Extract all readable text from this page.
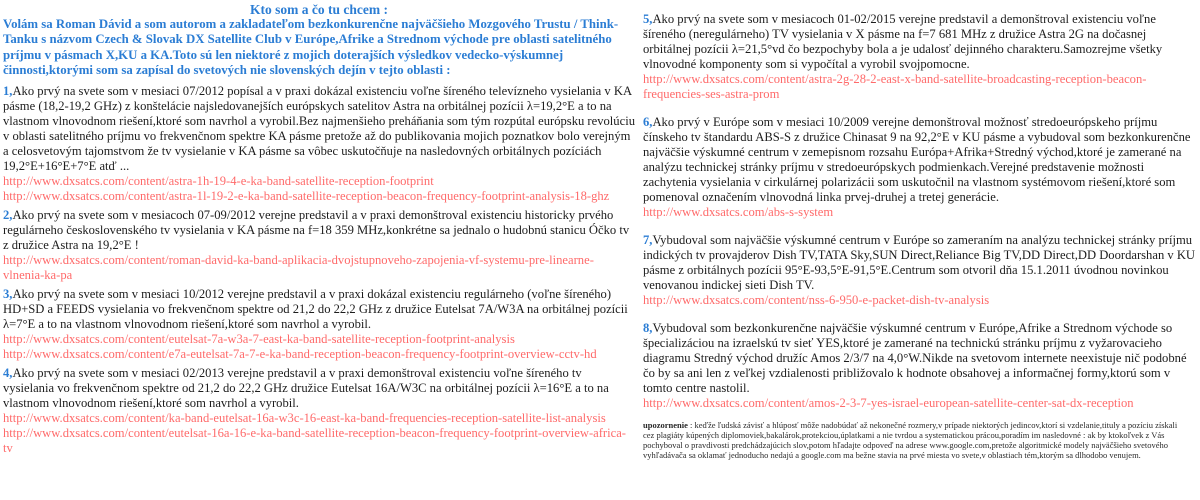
Kto som a čo tu chcem :
Volám sa Roman Dávid a som autorom a zakladateľom bezkonkurenčne najväčšieho Mozgového Trustu / Think-Tanku s názvom Czech & Slovak DX Satellite Club v Európe,Afrike a Strednom východe pre oblasti satelitného príjmu v pásmach X,KU a KA.Toto sú len niektoré z mojich doterajších výsledkov vedecko-výskumnej činnosti,ktorými som sa zapísal do svetových nie slovenských dejín v tejto oblasti :
1,Ako prvý na svete som v mesiaci 07/2012 popísal a v praxi dokázal existenciu voľne šíreného televízneho vysielania v KA pásme (18,2-19,2 GHz) z konštelácie najsledovanejších európskych satelitov Astra na orbitálnej pozícii λ=19,2°E a to na vlastnom vlnovodnom riešení,ktoré som navrhol a vyrobil.Bez najmenšieho preháňania som tým rozpútal európsku revolúciu v oblasti satelitného príjmu vo frekvenčnom spektre KA pásme pretože až do publikovania mojich poznatkov bolo verejným a celosvetovým tajomstvom že tv vysielanie v KA pásme sa vôbec uskutočňuje na nasledovných orbitálnych pozíciách 19,2°E+16°E+7°E atď ...
http://www.dxsatcs.com/content/astra-1h-19-4-e-ka-band-satellite-reception-footprint
http://www.dxsatcs.com/content/astra-1l-19-2-e-ka-band-satellite-reception-beacon-frequency-footprint-analysis-18-ghz
2,Ako prvý na svete som v mesiacoch 07-09/2012 verejne predstavil a v praxi demonštroval existenciu historicky prvého regulárneho československého tv vysielania v KA pásme na f=18 359 MHz,konkrétne sa jednalo o hudobnú stanicu Óčko tv z družice Astra na 19,2°E !
http://www.dxsatcs.com/content/roman-david-ka-band-aplikacia-dvojstupnoveho-zapojenia-vf-systemu-pre-linearne-vlnenia-ka-pa
3,Ako prvý na svete som v mesiaci 10/2012 verejne predstavil a v praxi dokázal existenciu regulárneho (voľne šíreného) HD+SD a FEEDS vysielania vo frekvenčnom spektre od 21,2 do 22,2 GHz z družice Eutelsat 7A/W3A na orbitálnej pozícii λ=7°E a to na vlastnom vlnovodnom riešení,ktoré som navrhol a vyrobil.
http://www.dxsatcs.com/content/eutelsat-7a-w3a-7-east-ka-band-satellite-reception-footprint-analysis
http://www.dxsatcs.com/content/e7a-eutelsat-7a-7-e-ka-band-reception-beacon-frequency-footprint-overview-cctv-hd
4,Ako prvý na svete som v mesiaci 02/2013 verejne predstavil a v praxi demonštroval existenciu voľne šíreného tv vysielania vo frekvenčnom spektre od 21,2 do 22,2 GHz družice Eutelsat 16A/W3C na orbitálnej pozícii λ=16°E a to na vlastnom vlnovodnom riešení,ktoré som navrhol a vyrobil.
http://www.dxsatcs.com/content/ka-band-eutelsat-16a-w3c-16-east-ka-band-frequencies-reception-satellite-list-analysis
http://www.dxsatcs.com/content/eutelsat-16a-16-e-ka-band-satellite-reception-beacon-frequency-footprint-overview-africa-tv
5,Ako prvý na svete som v mesiacoch 01-02/2015 verejne predstavil a demonštroval existenciu voľne šíreného (neregulárneho) TV vysielania v X pásme na f=7 681 MHz z družice Astra 2G na dočasnej orbitálnej pozícii λ=21,5°vd čo bezpochyby bola a je udalosť dejinného charakteru.Samozrejme všetky vlnovodné komponenty som si vypočítal a vyrobil svojpomocne.
http://www.dxsatcs.com/content/astra-2g-28-2-east-x-band-satellite-broadcasting-reception-beacon-frequencies-ses-astra-prom
6,Ako prvý v Európe som v mesiaci 10/2009 verejne demonštroval možnosť stredoeurópskeho príjmu čínskeho tv štandardu ABS-S z družice Chinasat 9 na 92,2°E v KU pásme a vybudoval som bezkonkurenčne najväčšie výskumné centrum v zemepisnom rozsahu Európa+Afrika+Stredný východ,ktoré je zamerané na analýzu technickej stránky príjmu v stredoeurópskych podmienkach.Verejné predstavenie možnosti zachytenia vysielania v cirkulárnej polarizácii som uskutočnil na vlastnom systémovom riešení,ktoré som pomenoval označením vlnovodná linka prvej-druhej a tretej generácie.
http://www.dxsatcs.com/abs-s-system
7,Vybudoval som najväčšie výskumné centrum v Európe so zameraním na analýzu technickej stránky príjmu indických tv provajderov Dish TV,TATA Sky,SUN Direct,Reliance Big TV,DD Direct,DD Doordarshan v KU pásme z orbitálnych pozícii 95°E-93,5°E-91,5°E.Centrum som otvoril dňa 15.1.2011 úvodnou novinkou venovanou indickej sieti Dish TV.
http://www.dxsatcs.com/content/nss-6-950-e-packet-dish-tv-analysis
8,Vybudoval som bezkonkurenčne najväčšie výskumné centrum v Európe,Afrike a Strednom východe so špecializáciou na izraelskú tv sieť YES,ktoré je zamerané na technickú stránku príjmu z vyžarovacieho diagramu Stredný východ družíc Amos 2/3/7 na 4,0°W.Nikde na svetovom internete neexistuje nič podobné čo by sa ani len z veľkej vzdialenosti približovalo k hodnote obsahovej a informačnej formy,ktorú som v tomto centre nastolil.
http://www.dxsatcs.com/content/amos-2-3-7-yes-israel-european-satellite-center-sat-dx-reception
upozornenie : keďže ľudská závisť a hlúposť môže nadobúdať až nekonečné rozmery,v prípade niektorých jedincov,ktorí si vzdelanie,tituly a pozíciu získali cez plagiáty kúpených diplomoviek,bakalárok,protekciou,úplatkami a nie tvrdou a systematickou prácou,poradím im nasledovné : ak by ktokoľvek z Vás pochyboval o pravdivosti predchádzajúcich slov,potom hľadajte odpoveď na adrese www.google.com,pretože algoritmické modely najväčšieho svetového vyhľadávača sa oklamať jednoducho nedajú a google.com ma bežne stavia na prvé miesta vo svete,v oblastiach tém,ktorým sa dlhodobo venujem.
